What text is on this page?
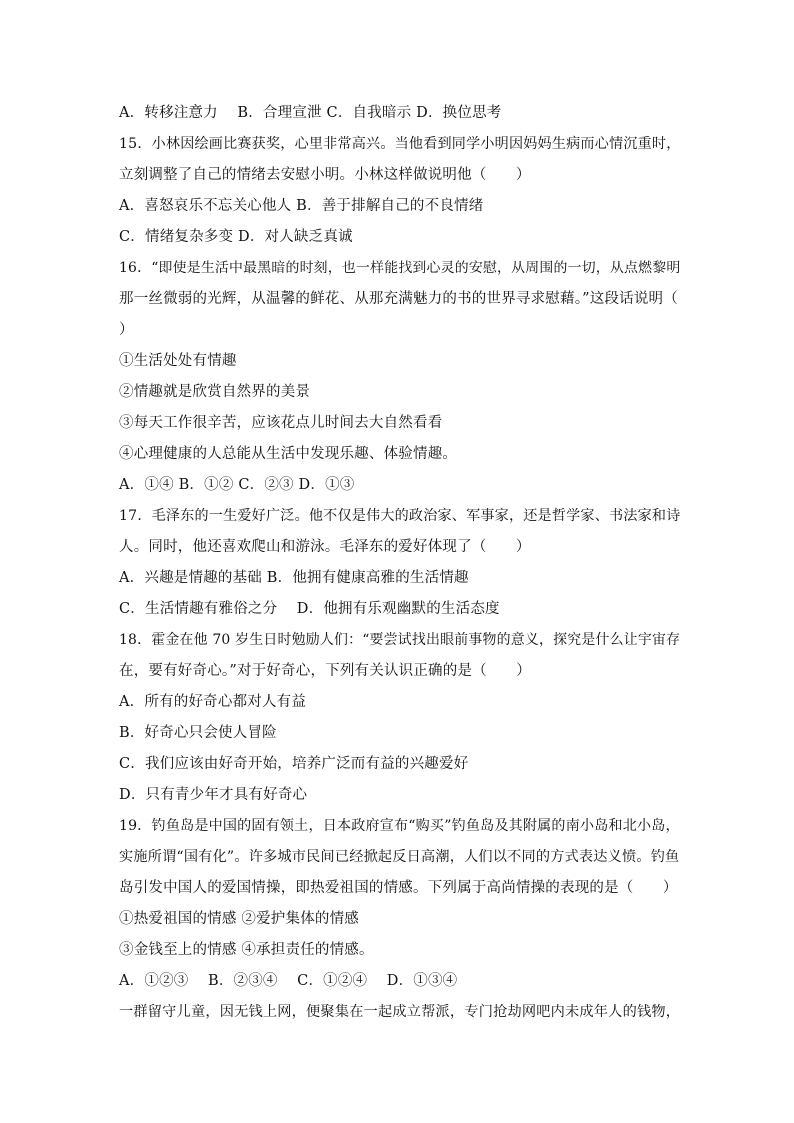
A．转移注意力　 B．合理宣泄 C．自我暗示 D．换位思考
15．小林因绘画比赛获奖，心里非常高兴。当他看到同学小明因妈妈生病而心情沉重时，
立刻调整了自己的情绪去安慰小明。小林这样做说明他（　　）
A．喜怒哀乐不忘关心他人 B．善于排解自己的不良情绪
C．情绪复杂多变 D．对人缺乏真诚
16．“即使是生活中最黑暗的时刻，也一样能找到心灵的安慰，从周围的一切，从点燃黎明
那一丝微弱的光辉，从温馨的鲜花、从那充满魅力的书的世界寻求慰藉。”这段话说明（
）
①生活处处有情趣
②情趣就是欣赏自然界的美景
③每天工作很辛苦，应该花点儿时间去大自然看看
④心理健康的人总能从生活中发现乐趣、体验情趣。
A．①④ B．①② C．②③ D．①③
17．毛泽东的一生爱好广泛。他不仅是伟大的政治家、军事家，还是哲学家、书法家和诗
人。同时，他还喜欢爬山和游泳。毛泽东的爱好体现了（　　）
A．兴趣是情趣的基础 B．他拥有健康高雅的生活情趣
C．生活情趣有雅俗之分　 D．他拥有乐观幽默的生活态度
18．霍金在他 70 岁生日时勉励人们：“要尝试找出眼前事物的意义，探究是什么让宇宙存
在，要有好奇心。”对于好奇心，下列有关认识正确的是（　　）
A．所有的好奇心都对人有益
B．好奇心只会使人冒险
C．我们应该由好奇开始，培养广泛而有益的兴趣爱好
D．只有青少年才具有好奇心
19．钓鱼岛是中国的固有领土，日本政府宣布“购买”钓鱼岛及其附属的南小岛和北小岛，
实施所谓“国有化”。许多城市民间已经掀起反日高潮，人们以不同的方式表达义愤。钓鱼
岛引发中国人的爱国情操，即热爱祖国的情感。下列属于高尚情操的表现的是（　　）
①热爱祖国的情感 ②爱护集体的情感
③金钱至上的情感 ④承担责任的情感。
A．①②③　 B．②③④　 C．①②④　 D．①③④
一群留守儿童，因无钱上网，便聚集在一起成立帮派，专门抢劫网吧内未成年人的钱物，
